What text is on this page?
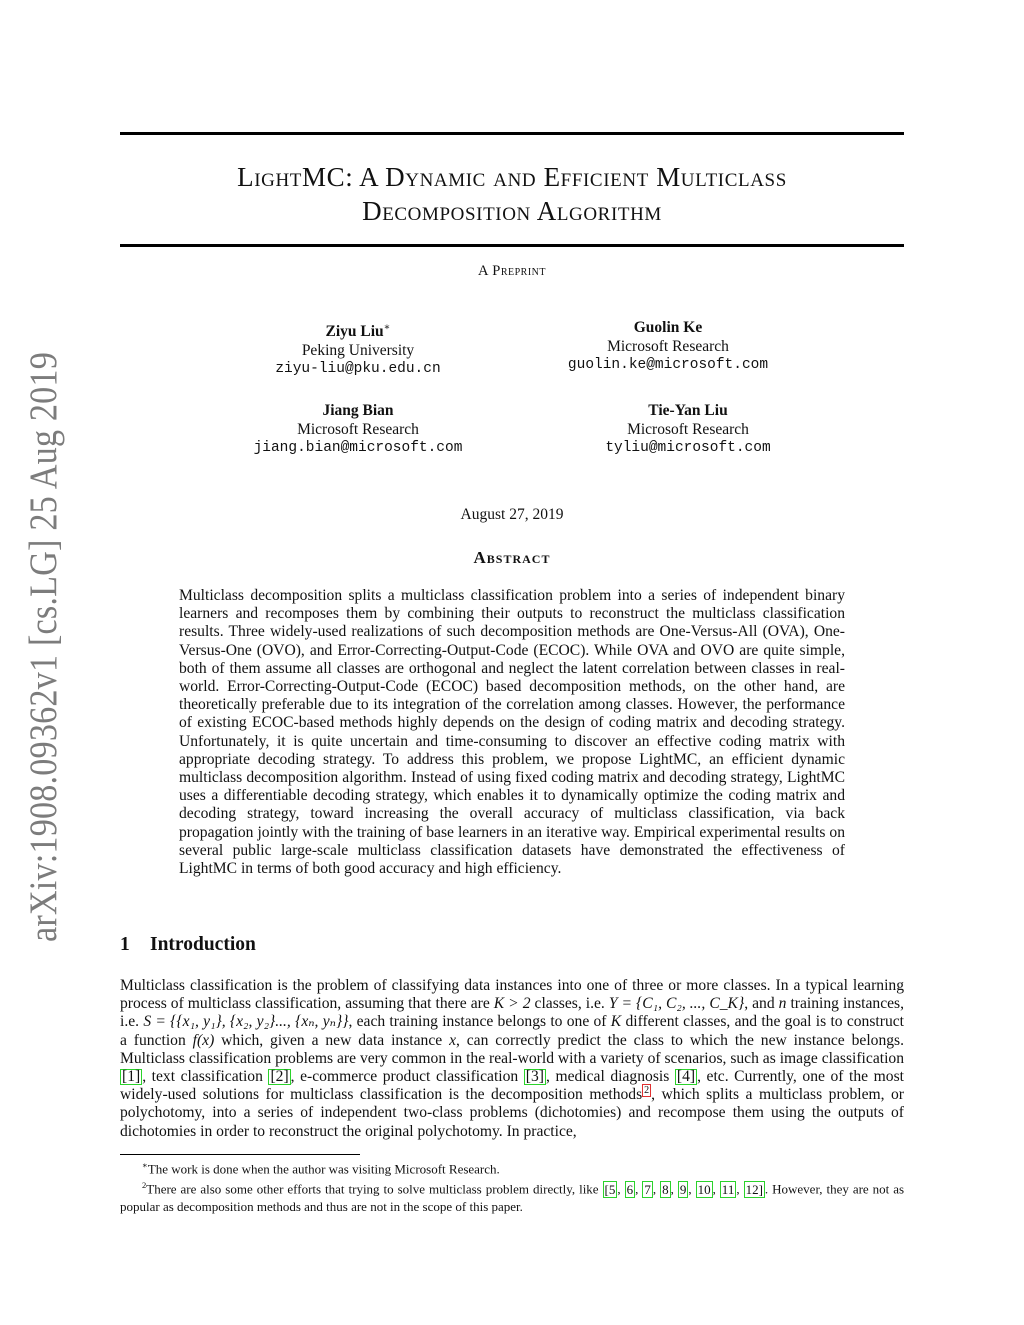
arXiv:1908.09362v1 [cs.LG] 25 Aug 2019
LightMC: A Dynamic and Efficient Multiclass
Decomposition Algorithm
A Preprint
Ziyu Liu∗
Peking University
ziyu-liu@pku.edu.cn
Guolin Ke
Microsoft Research
guolin.ke@microsoft.com
Jiang Bian
Microsoft Research
jiang.bian@microsoft.com
Tie-Yan Liu
Microsoft Research
tyliu@microsoft.com
August 27, 2019
Abstract
Multiclass decomposition splits a multiclass classification problem into a series of independent binary learners and recomposes them by combining their outputs to reconstruct the multiclass classification results. Three widely-used realizations of such decomposition methods are One-Versus-All (OVA), One-Versus-One (OVO), and Error-Correcting-Output-Code (ECOC). While OVA and OVO are quite simple, both of them assume all classes are orthogonal and neglect the latent correlation between classes in real-world. Error-Correcting-Output-Code (ECOC) based decomposition methods, on the other hand, are theoretically preferable due to its integration of the correlation among classes. However, the performance of existing ECOC-based methods highly depends on the design of coding matrix and decoding strategy. Unfortunately, it is quite uncertain and time-consuming to discover an effective coding matrix with appropriate decoding strategy. To address this problem, we propose LightMC, an efficient dynamic multiclass decomposition algorithm. Instead of using fixed coding matrix and decoding strategy, LightMC uses a differentiable decoding strategy, which enables it to dynamically optimize the coding matrix and decoding strategy, toward increasing the overall accuracy of multiclass classification, via back propagation jointly with the training of base learners in an iterative way. Empirical experimental results on several public large-scale multiclass classification datasets have demonstrated the effectiveness of LightMC in terms of both good accuracy and high efficiency.
1 Introduction
Multiclass classification is the problem of classifying data instances into one of three or more classes. In a typical learning process of multiclass classification, assuming that there are K > 2 classes, i.e. Y = {C₁, C₂, ..., C_K}, and n training instances, i.e. S = {{x₁, y₁}, {x₂, y₂}..., {xₙ, yₙ}}, each training instance belongs to one of K different classes, and the goal is to construct a function f(x) which, given a new data instance x, can correctly predict the class to which the new instance belongs. Multiclass classification problems are very common in the real-world with a variety of scenarios, such as image classification [1] , text classification [2] , e-commerce product classification [3] , medical diagnosis [4] , etc. Currently, one of the most widely-used solutions for multiclass classification is the decomposition methods $^2$ , which splits a multiclass problem, or polychotomy, into a series of independent two-class problems (dichotomies) and recompose them using the outputs of dichotomies in order to reconstruct the original polychotomy. In practice,
∗The work is done when the author was visiting Microsoft Research.
$^2$There are also some other efforts that trying to solve multiclass problem directly, like [5 , 6 , 7 , 8 , 9 , 10 , 11 , 12] . However, they are not as popular as decomposition methods and thus are not in the scope of this paper.
